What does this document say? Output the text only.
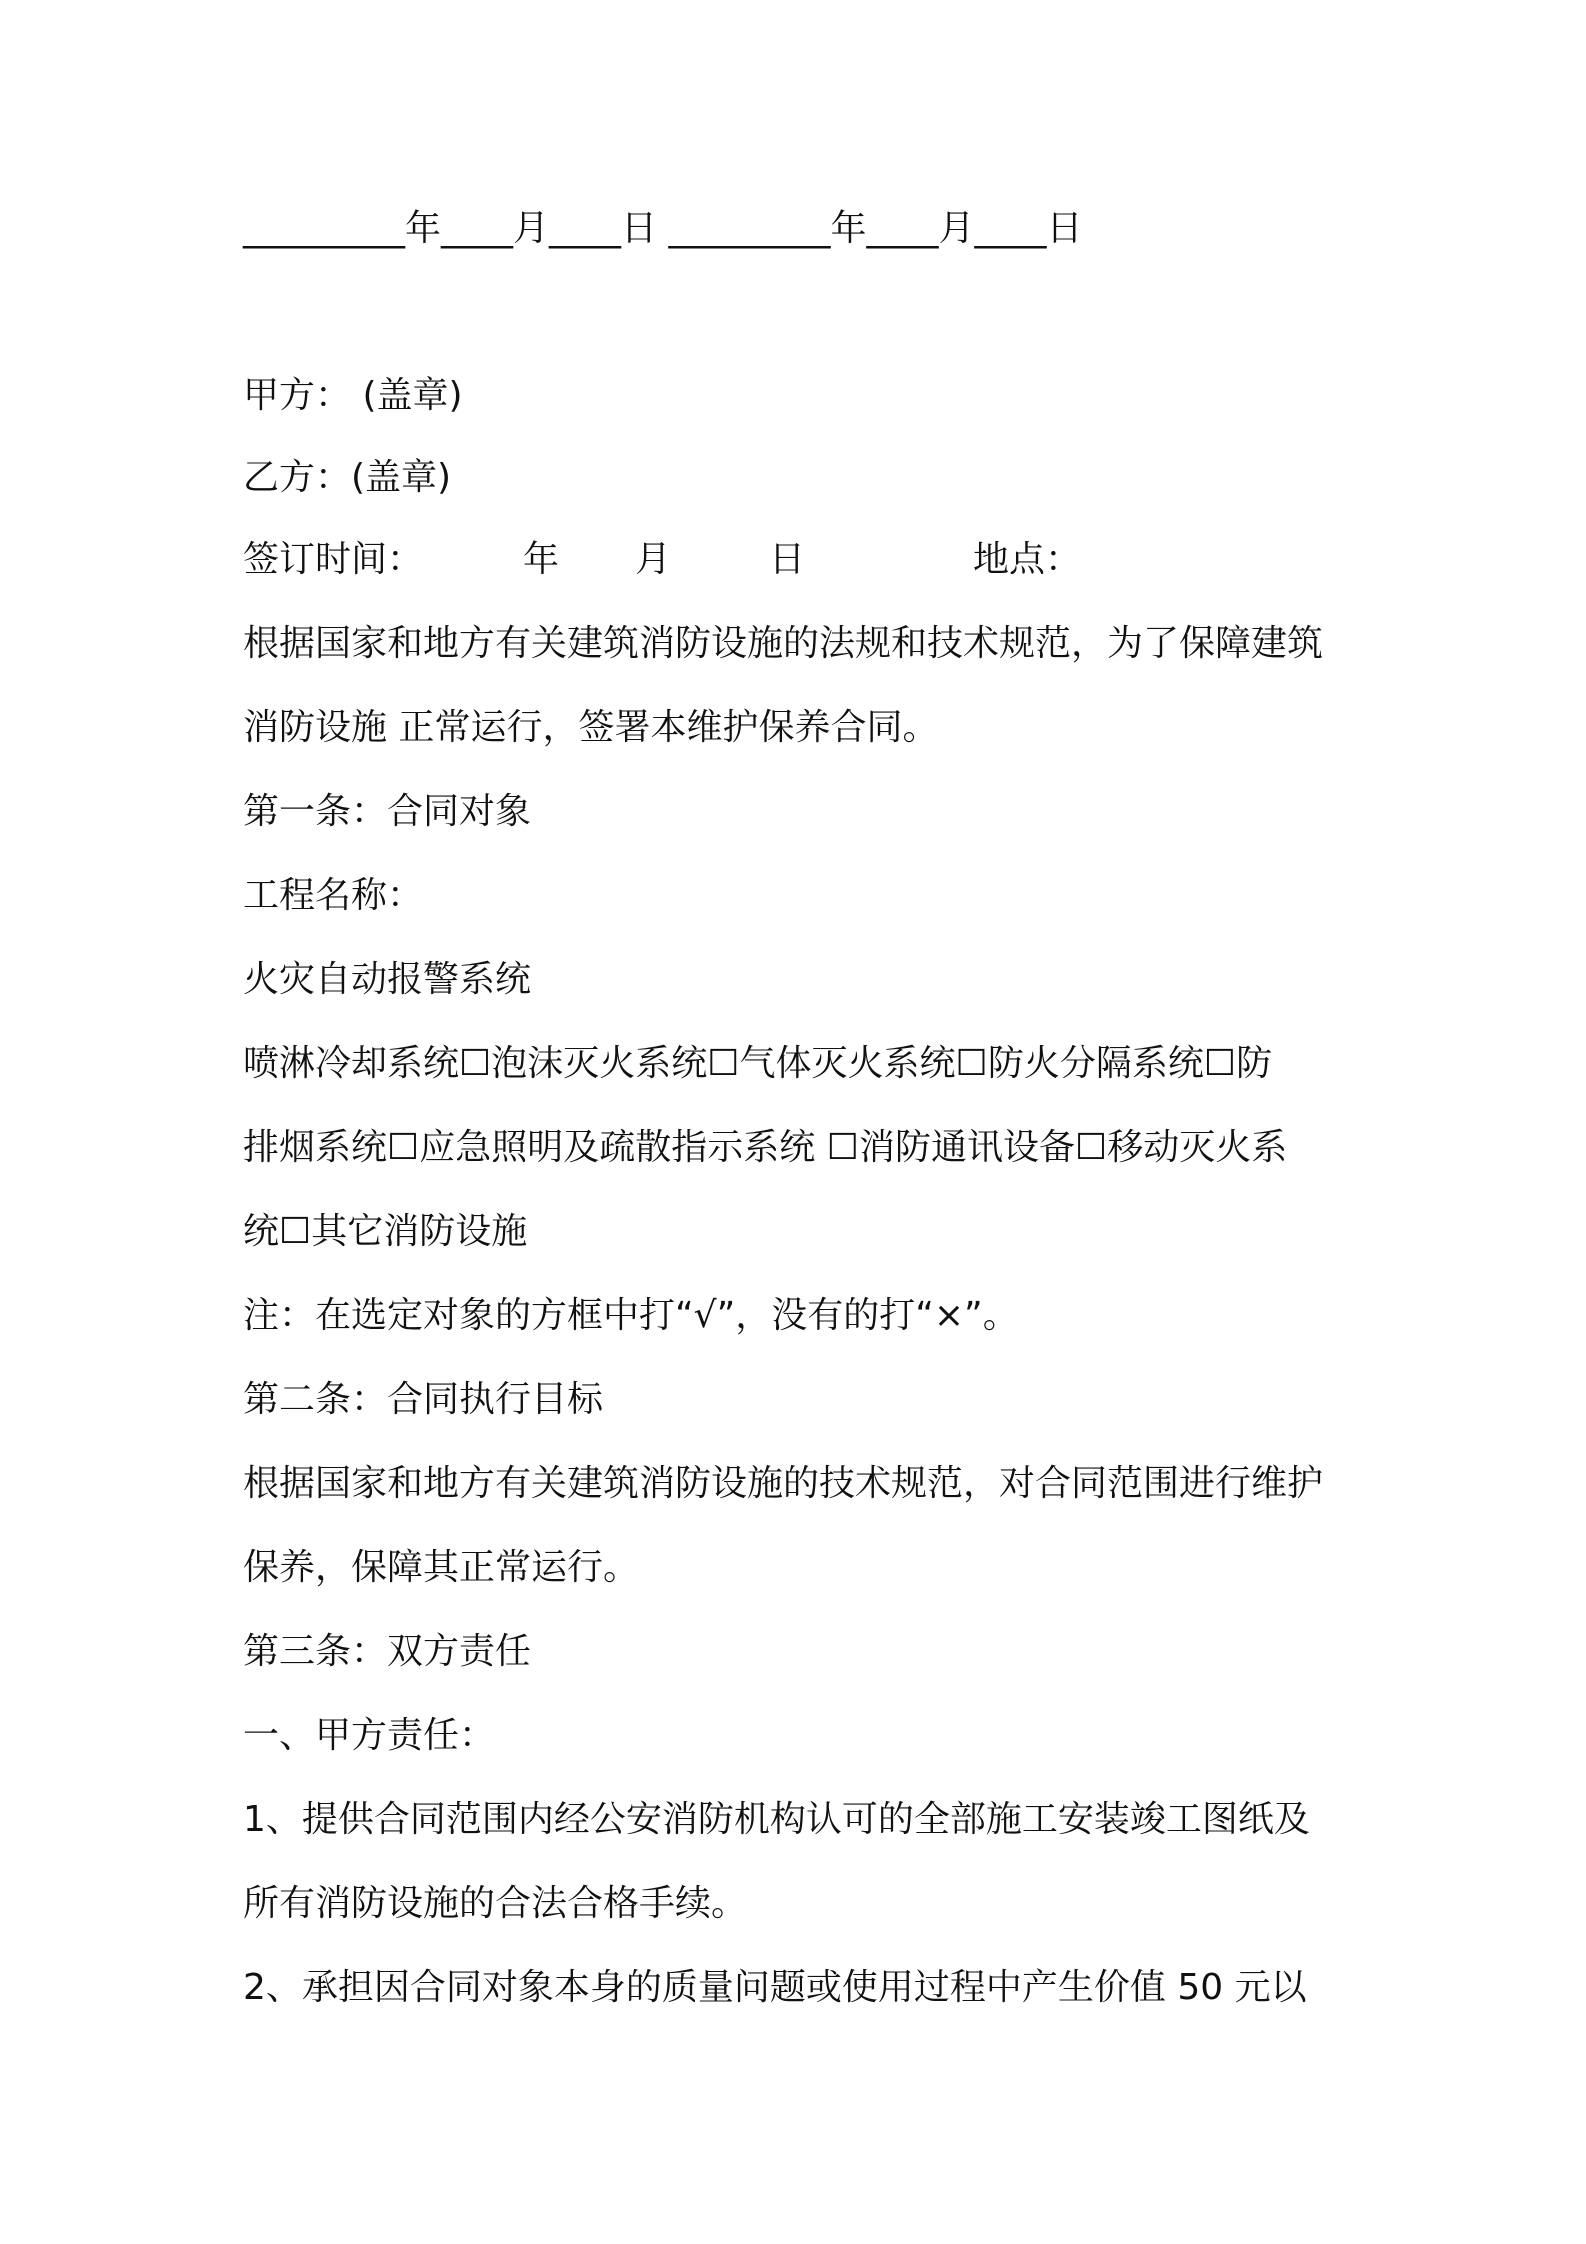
_________年____月____日 _________年____月____日
甲方： (盖章)
乙方：(盖章)
签订时间：	年 月	日	地点：
根据国家和地方有关建筑消防设施的法规和技术规范，为了保障建筑
消防设施 正常运行，签署本维护保养合同。
第一条：合同对象
工程名称：
火灾自动报警系统
喷淋冷却系统☐泡沫灭火系统☐气体灭火系统☐防火分隔系统☐防
排烟系统☐应急照明及疏散指示系统 ☐消防通讯设备☐移动灭火系
统☐其它消防设施
注：在选定对象的方框中打“√”，没有的打“×”。
第二条：合同执行目标
根据国家和地方有关建筑消防设施的技术规范，对合同范围进行维护
保养，保障其正常运行。
第三条：双方责任
一、甲方责任：
1、提供合同范围内经公安消防机构认可的全部施工安装竣工图纸及
所有消防设施的合法合格手续。
2、承担因合同对象本身的质量问题或使用过程中产生价值 50 元以
